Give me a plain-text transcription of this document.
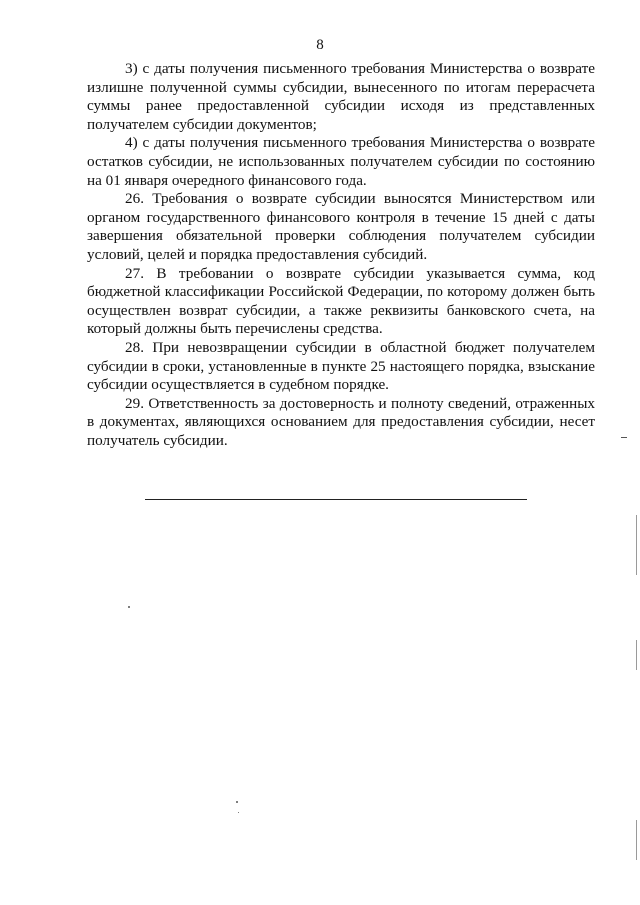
8

3) с даты получения письменного требования Министерства о возврате излишне полученной суммы субсидии, вынесенного по итогам перерасчета суммы ранее предоставленной субсидии исходя из представленных получателем субсидии документов;

4) с даты получения письменного требования Министерства о возврате остатков субсидии, не использованных получателем субсидии по состоянию на 01 января очередного финансового года.

26. Требования о возврате субсидии выносятся Министерством или органом государственного финансового контроля в течение 15 дней с даты завершения обязательной проверки соблюдения получателем субсидии условий, целей и порядка предоставления субсидий.

27. В требовании о возврате субсидии указывается сумма, код бюджетной классификации Российской Федерации, по которому должен быть осуществлен возврат субсидии, а также реквизиты банковского счета, на который должны быть перечислены средства.

28. При невозвращении субсидии в областной бюджет получателем субсидии в сроки, установленные в пункте 25 настоящего порядка, взыскание субсидии осуществляется в судебном порядке.

29. Ответственность за достоверность и полноту сведений, отраженных в документах, являющихся основанием для предоставления субсидии, несет получатель субсидии.
